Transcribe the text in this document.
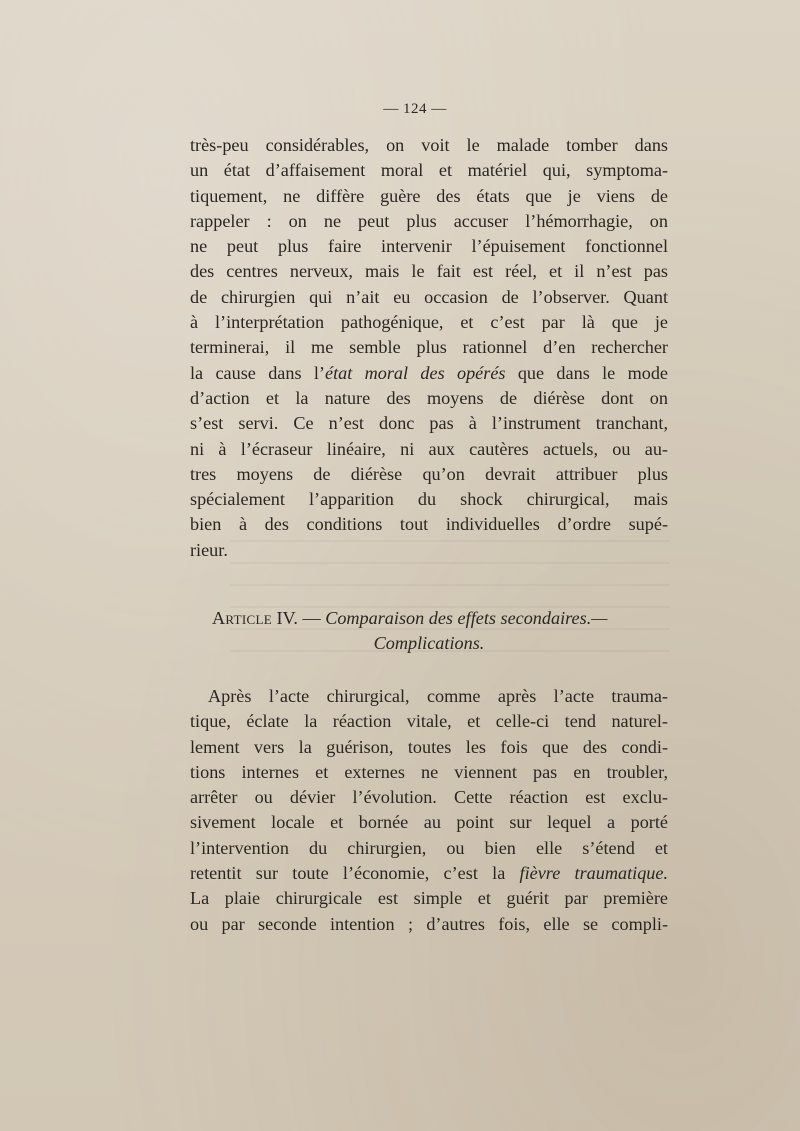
— 124 —
très-peu considérables, on voit le malade tomber dans
un état d’affaisement moral et matériel qui, symptoma-
tiquement, ne diffère guère des états que je viens de
rappeler : on ne peut plus accuser l’hémorrhagie, on
ne peut plus faire intervenir l’épuisement fonctionnel
des centres nerveux, mais le fait est réel, et il n’est pas
de chirurgien qui n’ait eu occasion de l’observer. Quant
à l’interprétation pathogénique, et c’est par là que je
terminerai, il me semble plus rationnel d’en rechercher
la cause dans l’état moral des opérés que dans le mode
d’action et la nature des moyens de diérèse dont on
s’est servi. Ce n’est donc pas à l’instrument tranchant,
ni à l’écraseur linéaire, ni aux cautères actuels, ou au-
tres moyens de diérèse qu’on devrait attribuer plus
spécialement l’apparition du shock chirurgical, mais
bien à des conditions tout individuelles d’ordre supé-
rieur.
Article IV. — Comparaison des effets secondaires.—
Complications.
Après l’acte chirurgical, comme après l’acte trauma-
tique, éclate la réaction vitale, et celle-ci tend naturel-
lement vers la guérison, toutes les fois que des condi-
tions internes et externes ne viennent pas en troubler,
arrêter ou dévier l’évolution. Cette réaction est exclu-
sivement locale et bornée au point sur lequel a porté
l’intervention du chirurgien, ou bien elle s’étend et
retentit sur toute l’économie, c’est la fièvre traumatique.
La plaie chirurgicale est simple et guérit par première
ou par seconde intention ; d’autres fois, elle se compli-
